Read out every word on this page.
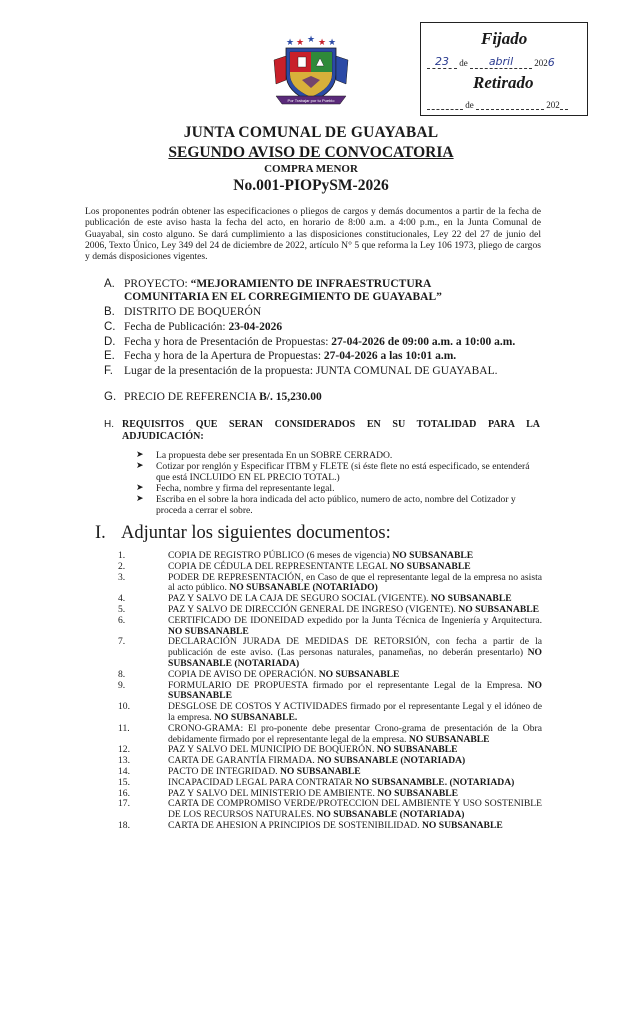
★ ★ ★ ★ ★
Por Trabajar por tu Pueblo
Fijado
23 de abril 2026
Retirado
de	202
JUNTA COMUNAL DE GUAYABAL
SEGUNDO AVISO DE CONVOCATORIA
COMPRA MENOR
No.001-PIOPySM-2026
Los proponentes podrán obtener las especificaciones o pliegos de cargos y demás documentos a partir de la fecha de publicación de este aviso hasta la fecha del acto, en horario de 8:00 a.m. a 4:00 p.m., en la Junta Comunal de Guayabal, sin costo alguno. Se dará cumplimiento a las disposiciones constitucionales, Ley 22 del 27 de junio del 2006, Texto Único, Ley 349 del 24 de diciembre de 2022, artículo N° 5 que reforma la Ley 106 1973, pliego de cargos y demás disposiciones vigentes.
A. PROYECTO: “MEJORAMIENTO DE INFRAESTRUCTURA
COMUNITARIA EN EL CORREGIMIENTO DE GUAYABAL”
B. DISTRITO DE BOQUERÓN
C. Fecha de Publicación: 23-04-2026
D. Fecha y hora de Presentación de Propuestas: 27-04-2026 de 09:00 a.m. a 10:00 a.m.
E. Fecha y hora de la Apertura de Propuestas: 27-04-2026 a las 10:01 a.m.
F. Lugar de la presentación de la propuesta: JUNTA COMUNAL DE GUAYABAL.
G. PRECIO DE REFERENCIA B/. 15,230.00
H. REQUISITOS QUE SERAN CONSIDERADOS EN SU TOTALIDAD PARA LA
ADJUDICACIÓN:
➤ La propuesta debe ser presentada En un SOBRE CERRADO.
➤ Cotizar por renglón y Especificar ITBM y FLETE (si éste flete no está especificado, se entenderá que está INCLUIDO EN EL PRECIO TOTAL.)
➤ Fecha, nombre y firma del representante legal.
➤ Escriba en el sobre la hora indicada del acto público, numero de acto, nombre del Cotizador y proceda a cerrar el sobre.
I. Adjuntar los siguientes documentos:
1.	COPIA DE REGISTRO PÚBLICO (6 meses de vigencia) NO SUBSANABLE
2.	COPIA DE CÉDULA DEL REPRESENTANTE LEGAL NO SUBSANABLE
3.	PODER DE REPRESENTACIÓN, en Caso de que el representante legal de la empresa no asista al acto público. NO SUBSANABLE (NOTARIADO)
4.	PAZ Y SALVO DE LA CAJA DE SEGURO SOCIAL (VIGENTE). NO SUBSANABLE
5.	PAZ Y SALVO DE DIRECCIÓN GENERAL DE INGRESO (VIGENTE). NO SUBSANABLE
6.	CERTIFICADO DE IDONEIDAD expedido por la Junta Técnica de Ingeniería y Arquitectura. NO SUBSANABLE
7.	DECLARACIÓN JURADA DE MEDIDAS DE RETORSIÓN, con fecha a partir de la publicación de este aviso. (Las personas naturales, panameñas, no deberán presentarlo) NO SUBSANABLE (NOTARIADA)
8.	COPIA DE AVISO DE OPERACIÓN. NO SUBSANABLE
9.	FORMULARIO DE PROPUESTA firmado por el representante Legal de la Empresa. NO SUBSANABLE
10.	DESGLOSE DE COSTOS Y ACTIVIDADES firmado por el representante Legal y el idóneo de la empresa. NO SUBSANABLE.
11.	CRONO-GRAMA: El pro-ponente debe presentar Crono-grama de presentación de la Obra debidamente firmado por el representante legal de la empresa. NO SUBSANABLE
12.	PAZ Y SALVO DEL MUNICIPIO DE BOQUERÓN. NO SUBSANABLE
13.	CARTA DE GARANTÍA FIRMADA. NO SUBSANABLE (NOTARIADA)
14.	PACTO DE INTEGRIDAD. NO SUBSANABLE
15.	INCAPACIDAD LEGAL PARA CONTRATAR NO SUBSANAMBLE. (NOTARIADA)
16.	PAZ Y SALVO DEL MINISTERIO DE AMBIENTE. NO SUBSANABLE
17.	CARTA DE COMPROMISO VERDE/PROTECCION DEL AMBIENTE Y USO SOSTENIBLE DE LOS RECURSOS NATURALES. NO SUBSANABLE (NOTARIADA)
18.	CARTA DE AHESION A PRINCIPIOS DE SOSTENIBILIDAD. NO SUBSANABLE
